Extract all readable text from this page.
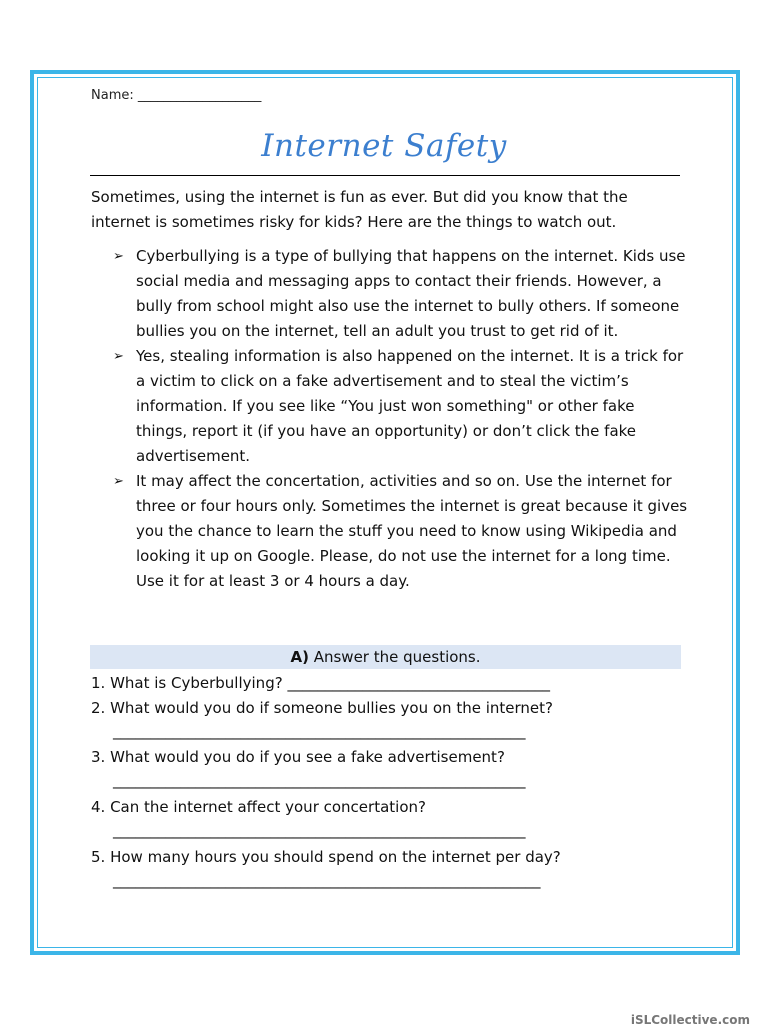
Name: ___________________
Internet Safety

Sometimes, using the internet is fun as ever. But did you know that the internet is sometimes risky for kids? Here are the things to watch out.

➢ Cyberbullying is a type of bullying that happens on the internet. Kids use social media and messaging apps to contact their friends. However, a bully from school might also use the internet to bully others. If someone bullies you on the internet, tell an adult you trust to get rid of it.
➢ Yes, stealing information is also happened on the internet. It is a trick for a victim to click on a fake advertisement and to steal the victim’s information. If you see like “You just won something" or other fake things, report it (if you have an opportunity) or don’t click the fake advertisement.
➢ It may affect the concertation, activities and so on. Use the internet for three or four hours only. Sometimes the internet is great because it gives you the chance to learn the stuff you need to know using Wikipedia and looking it up on Google. Please, do not use the internet for a long time. Use it for at least 3 or 4 hours a day.
A) Answer the questions.
1. What is Cyberbullying? ___________________________________
2. What would you do if someone bullies you on the internet?
_______________________________________________________
3. What would you do if you see a fake advertisement?
_______________________________________________________
4. Can the internet affect your concertation?
_______________________________________________________
5. How many hours you should spend on the internet per day?
_________________________________________________________
iSLCollective.com
